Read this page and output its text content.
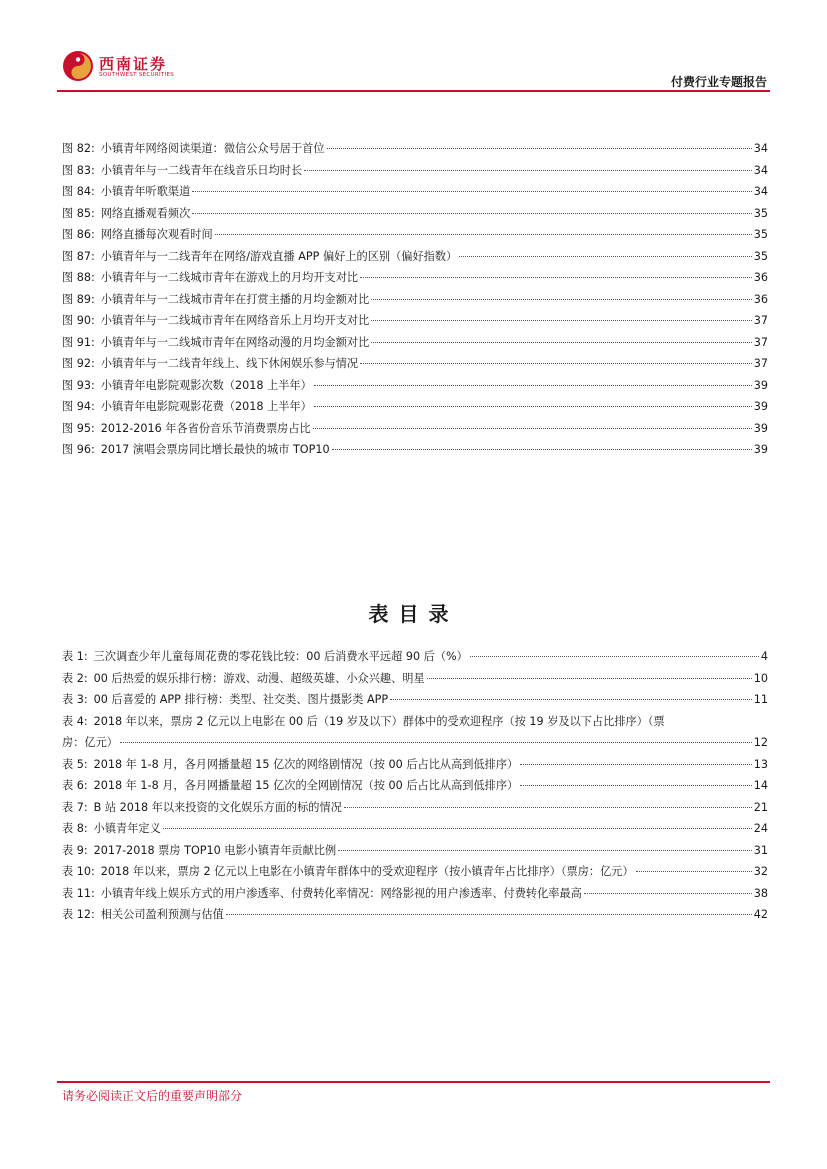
西南证券
SOUTHWEST SECURITIES	付费行业专题报告
图 82: 小镇青年网络阅读渠道：微信公众号居于首位	34
图 83: 小镇青年与一二线青年在线音乐日均时长	34
图 84: 小镇青年听歌渠道	34
图 85: 网络直播观看频次	35
图 86: 网络直播每次观看时间	35
图 87: 小镇青年与一二线青年在网络/游戏直播 APP 偏好上的区别（偏好指数）	35
图 88: 小镇青年与一二线城市青年在游戏上的月均开支对比	36
图 89: 小镇青年与一二线城市青年在打赏主播的月均金额对比	36
图 90: 小镇青年与一二线城市青年在网络音乐上月均开支对比	37
图 91: 小镇青年与一二线城市青年在网络动漫的月均金额对比	37
图 92: 小镇青年与一二线青年线上、线下休闲娱乐参与情况	37
图 93: 小镇青年电影院观影次数（2018 上半年）	39
图 94: 小镇青年电影院观影花费（2018 上半年）	39
图 95: 2012-2016 年各省份音乐节消费票房占比	39
图 96: 2017 演唱会票房同比增长最快的城市 TOP10	39
表目录
表 1: 三次调查少年儿童每周花费的零花钱比较：00 后消费水平远超 90 后（%）	4
表 2: 00 后热爱的娱乐排行榜：游戏、动漫、超级英雄、小众兴趣、明星	10
表 3: 00 后喜爱的 APP 排行榜：类型、社交类、图片摄影类 APP	11
表 4: 2018 年以来，票房 2 亿元以上电影在 00 后（19 岁及以下）群体中的受欢迎程序（按 19 岁及以下占比排序）（票
房：亿元）	12
表 5: 2018 年 1-8 月，各月网播量超 15 亿次的网络剧情况（按 00 后占比从高到低排序）	13
表 6: 2018 年 1-8 月，各月网播量超 15 亿次的全网剧情况（按 00 后占比从高到低排序）	14
表 7: B 站 2018 年以来投资的文化娱乐方面的标的情况	21
表 8: 小镇青年定义	24
表 9: 2017-2018 票房 TOP10 电影小镇青年贡献比例	31
表 10: 2018 年以来，票房 2 亿元以上电影在小镇青年群体中的受欢迎程序（按小镇青年占比排序）（票房：亿元）	32
表 11: 小镇青年线上娱乐方式的用户渗透率、付费转化率情况：网络影视的用户渗透率、付费转化率最高	38
表 12: 相关公司盈利预测与估值	42
请务必阅读正文后的重要声明部分
